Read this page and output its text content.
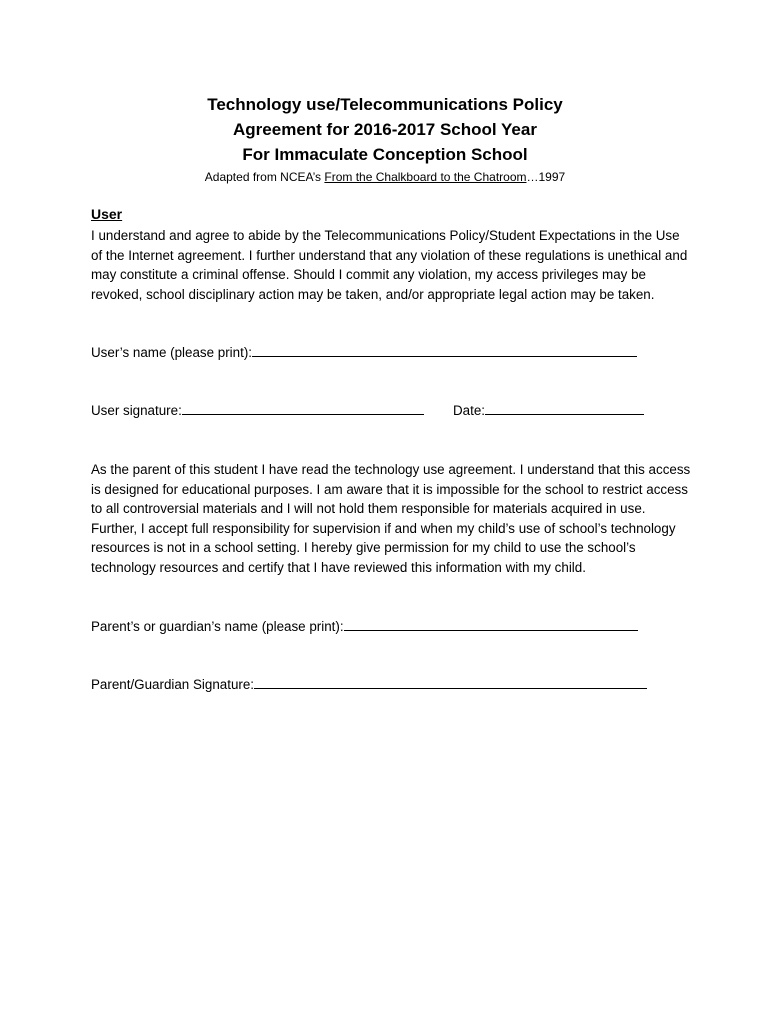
Technology use/Telecommunications Policy
Agreement for 2016-2017 School Year
For Immaculate Conception School
Adapted from NCEA’s From the Chalkboard to the Chatroom…1997
User
I understand and agree to abide by the Telecommunications Policy/Student Expectations in the Use of the Internet agreement. I further understand that any violation of these regulations is unethical and may constitute a criminal offense. Should I commit any violation, my access privileges may be revoked, school disciplinary action may be taken, and/or appropriate legal action may be taken.
User’s name (please print):
User signature:	Date:
As the parent of this student I have read the technology use agreement. I understand that this access is designed for educational purposes. I am aware that it is impossible for the school to restrict access to all controversial materials and I will not hold them responsible for materials acquired in use. Further, I accept full responsibility for supervision if and when my child’s use of school’s technology resources is not in a school setting. I hereby give permission for my child to use the school’s technology resources and certify that I have reviewed this information with my child.
Parent’s or guardian’s name (please print):
Parent/Guardian Signature:
